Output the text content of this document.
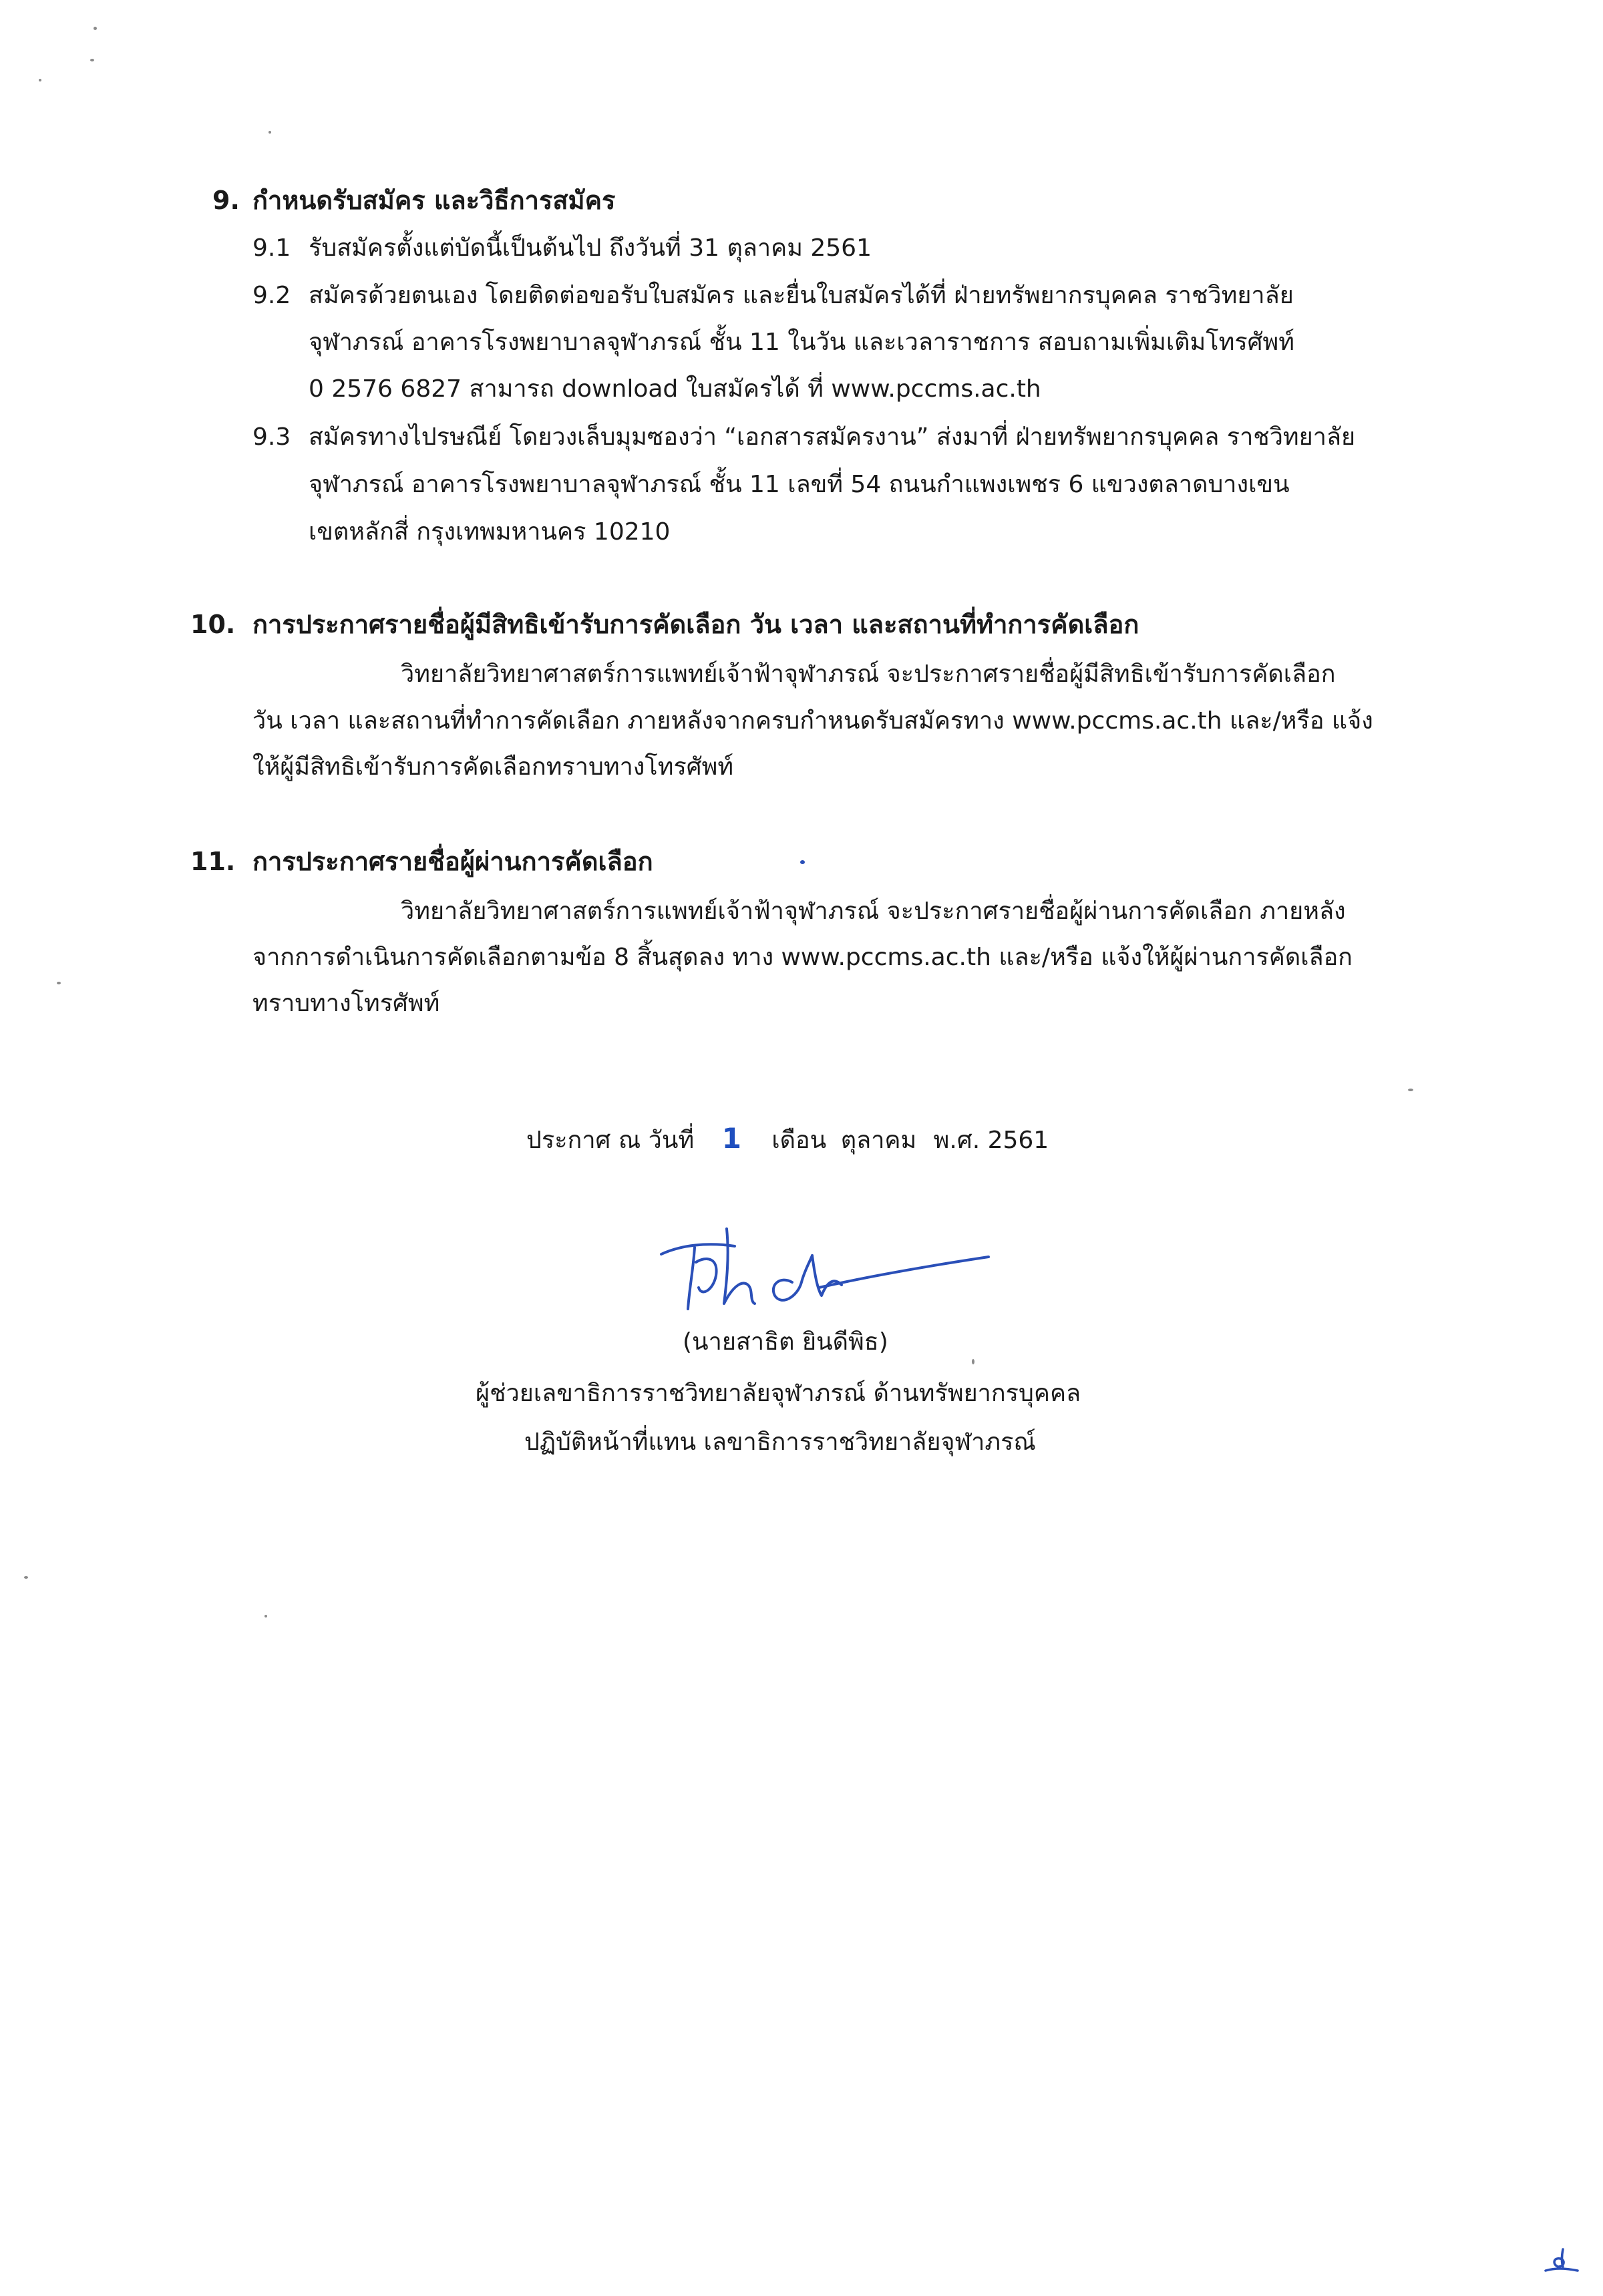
9. กำหนดรับสมัคร และวิธีการสมัคร
9.1 รับสมัครตั้งแต่บัดนี้เป็นต้นไป ถึงวันที่ 31 ตุลาคม 2561
9.2 สมัครด้วยตนเอง โดยติดต่อขอรับใบสมัคร และยื่นใบสมัครได้ที่ ฝ่ายทรัพยากรบุคคล ราชวิทยาลัย
จุฬาภรณ์ อาคารโรงพยาบาลจุฬาภรณ์ ชั้น 11 ในวัน และเวลาราชการ สอบถามเพิ่มเติมโทรศัพท์
0 2576 6827 สามารถ download ใบสมัครได้ ที่ www.pccms.ac.th
9.3 สมัครทางไปรษณีย์ โดยวงเล็บมุมซองว่า “เอกสารสมัครงาน” ส่งมาที่ ฝ่ายทรัพยากรบุคคล ราชวิทยาลัย
จุฬาภรณ์ อาคารโรงพยาบาลจุฬาภรณ์ ชั้น 11 เลขที่ 54 ถนนกำแพงเพชร 6 แขวงตลาดบางเขน
เขตหลักสี่ กรุงเทพมหานคร 10210
10. การประกาศรายชื่อผู้มีสิทธิเข้ารับการคัดเลือก วัน เวลา และสถานที่ทำการคัดเลือก
วิทยาลัยวิทยาศาสตร์การแพทย์เจ้าฟ้าจุฬาภรณ์ จะประกาศรายชื่อผู้มีสิทธิเข้ารับการคัดเลือก
วัน เวลา และสถานที่ทำการคัดเลือก ภายหลังจากครบกำหนดรับสมัครทาง www.pccms.ac.th และ/หรือ แจ้ง
ให้ผู้มีสิทธิเข้ารับการคัดเลือกทราบทางโทรศัพท์
11. การประกาศรายชื่อผู้ผ่านการคัดเลือก
วิทยาลัยวิทยาศาสตร์การแพทย์เจ้าฟ้าจุฬาภรณ์ จะประกาศรายชื่อผู้ผ่านการคัดเลือก ภายหลัง
จากการดำเนินการคัดเลือกตามข้อ 8 สิ้นสุดลง ทาง www.pccms.ac.th และ/หรือ แจ้งให้ผู้ผ่านการคัดเลือก
ทราบทางโทรศัพท์
ประกาศ ณ วันที่ 1 เดือน ตุลาคม พ.ศ. 2561
(นายสาธิต ยินดีพิธ)
ผู้ช่วยเลขาธิการราชวิทยาลัยจุฬาภรณ์ ด้านทรัพยากรบุคคล
ปฏิบัติหน้าที่แทน เลขาธิการราชวิทยาลัยจุฬาภรณ์
